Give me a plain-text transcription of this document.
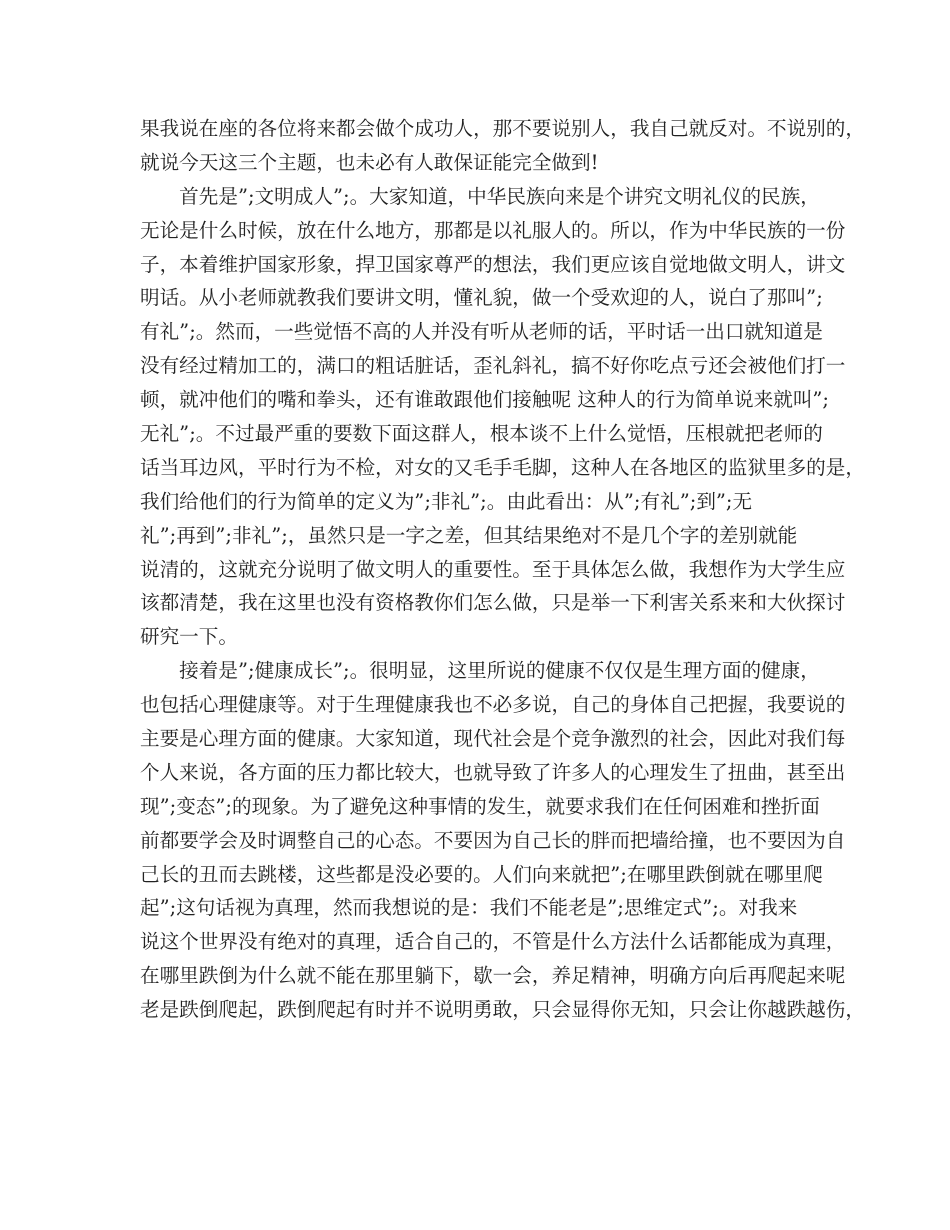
果我说在座的各位将来都会做个成功人，那不要说别人，我自己就反对。不说别的，
就说今天这三个主题，也未必有人敢保证能完全做到!
　　首先是”;文明成人”;。大家知道，中华民族向来是个讲究文明礼仪的民族，
无论是什么时候，放在什么地方，那都是以礼服人的。所以，作为中华民族的一份
子，本着维护国家形象，捍卫国家尊严的想法，我们更应该自觉地做文明人，讲文
明话。从小老师就教我们要讲文明，懂礼貌，做一个受欢迎的人，说白了那叫”;
有礼”;。然而，一些觉悟不高的人并没有听从老师的话，平时话一出口就知道是
没有经过精加工的，满口的粗话脏话，歪礼斜礼，搞不好你吃点亏还会被他们打一
顿，就冲他们的嘴和拳头，还有谁敢跟他们接触呢 这种人的行为简单说来就叫”;
无礼”;。不过最严重的要数下面这群人，根本谈不上什么觉悟，压根就把老师的
话当耳边风，平时行为不检，对女的又毛手毛脚，这种人在各地区的监狱里多的是，
我们给他们的行为简单的定义为”;非礼”;。由此看出：从”;有礼”;到”;无
礼”;再到”;非礼”;，虽然只是一字之差，但其结果绝对不是几个字的差别就能
说清的，这就充分说明了做文明人的重要性。至于具体怎么做，我想作为大学生应
该都清楚，我在这里也没有资格教你们怎么做，只是举一下利害关系来和大伙探讨
研究一下。
　　接着是”;健康成长”;。很明显，这里所说的健康不仅仅是生理方面的健康，
也包括心理健康等。对于生理健康我也不必多说，自己的身体自己把握，我要说的
主要是心理方面的健康。大家知道，现代社会是个竞争激烈的社会，因此对我们每
个人来说，各方面的压力都比较大，也就导致了许多人的心理发生了扭曲，甚至出
现”;变态”;的现象。为了避免这种事情的发生，就要求我们在任何困难和挫折面
前都要学会及时调整自己的心态。不要因为自己长的胖而把墙给撞，也不要因为自
己长的丑而去跳楼，这些都是没必要的。人们向来就把”;在哪里跌倒就在哪里爬
起”;这句话视为真理，然而我想说的是：我们不能老是”;思维定式”;。对我来
说这个世界没有绝对的真理，适合自己的，不管是什么方法什么话都能成为真理，
在哪里跌倒为什么就不能在那里躺下，歇一会，养足精神，明确方向后再爬起来呢
老是跌倒爬起，跌倒爬起有时并不说明勇敢，只会显得你无知，只会让你越跌越伤，
